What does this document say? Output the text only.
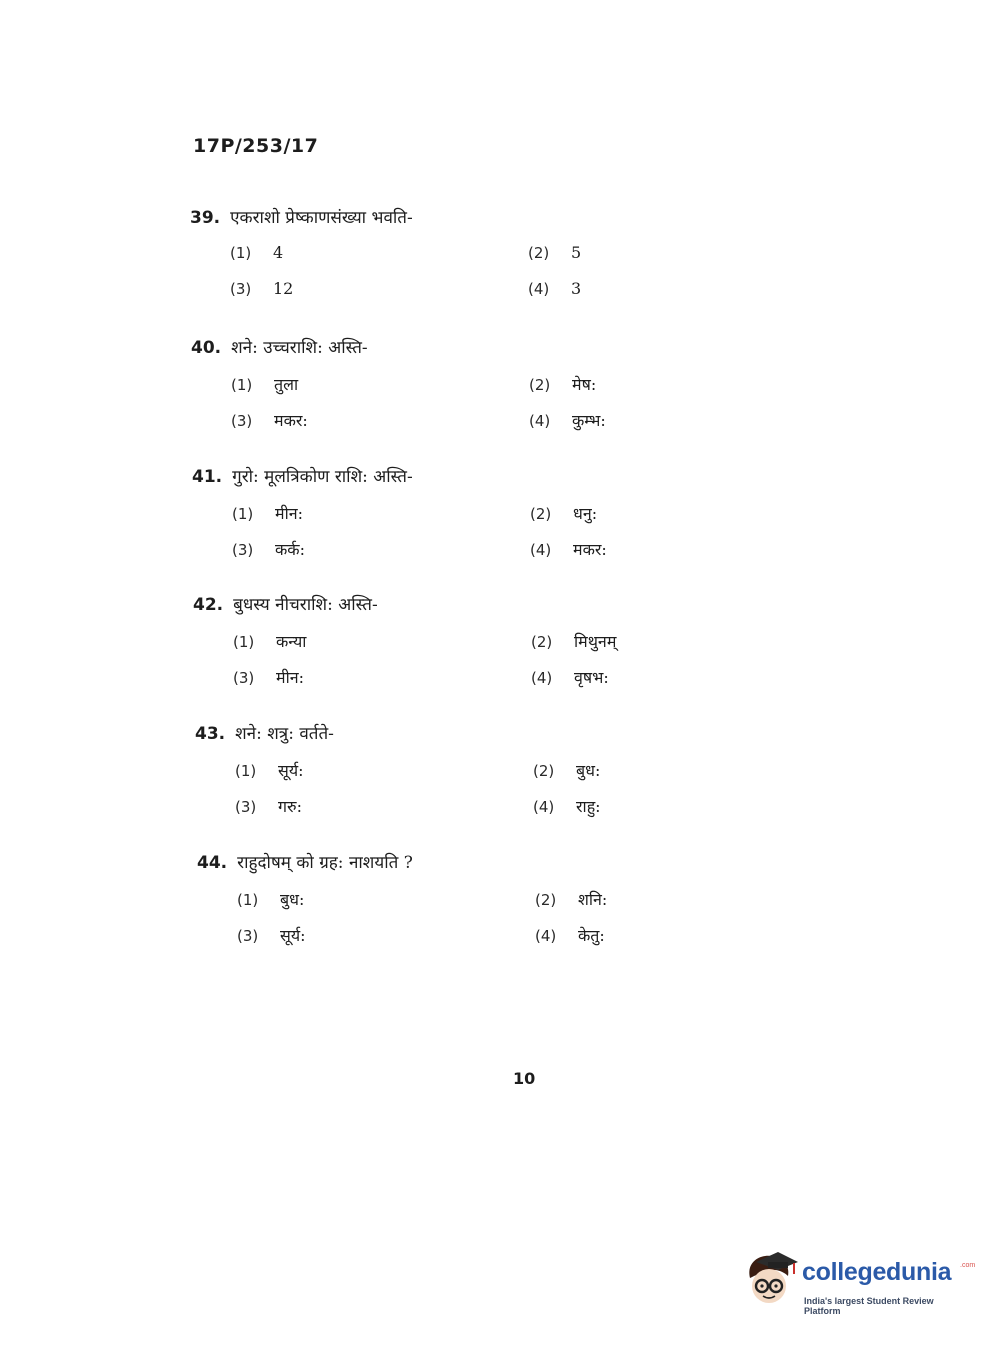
17P/253/17
39. एकराशो प्रेष्काणसंख्या भवति-
(1)	4	(2)	5
(3)	12	(4)	3
40. शने: उच्चराशि: अस्ति-
(1)	तुला	(2)	मेष:
(3)	मकर:	(4)	कुम्भ:
41. गुरो: मूलत्रिकोण राशि: अस्ति-
(1)	मीन:	(2)	धनु:
(3)	कर्क:	(4)	मकर:
42. बुधस्य नीचराशि: अस्ति-
(1)	कन्या	(2)	मिथुनम्
(3)	मीन:	(4)	वृषभ:
43. शने: शत्रु: वर्तते-
(1)	सूर्य:	(2)	बुध:
(3)	गरु:	(4)	राहु:
44. राहुदोषम् को ग्रह: नाशयति ?
(1)	बुध:	(2)	शनि:
(3)	सूर्य:	(4)	केतु:
10
collegedunia .com
India's largest Student Review Platform
